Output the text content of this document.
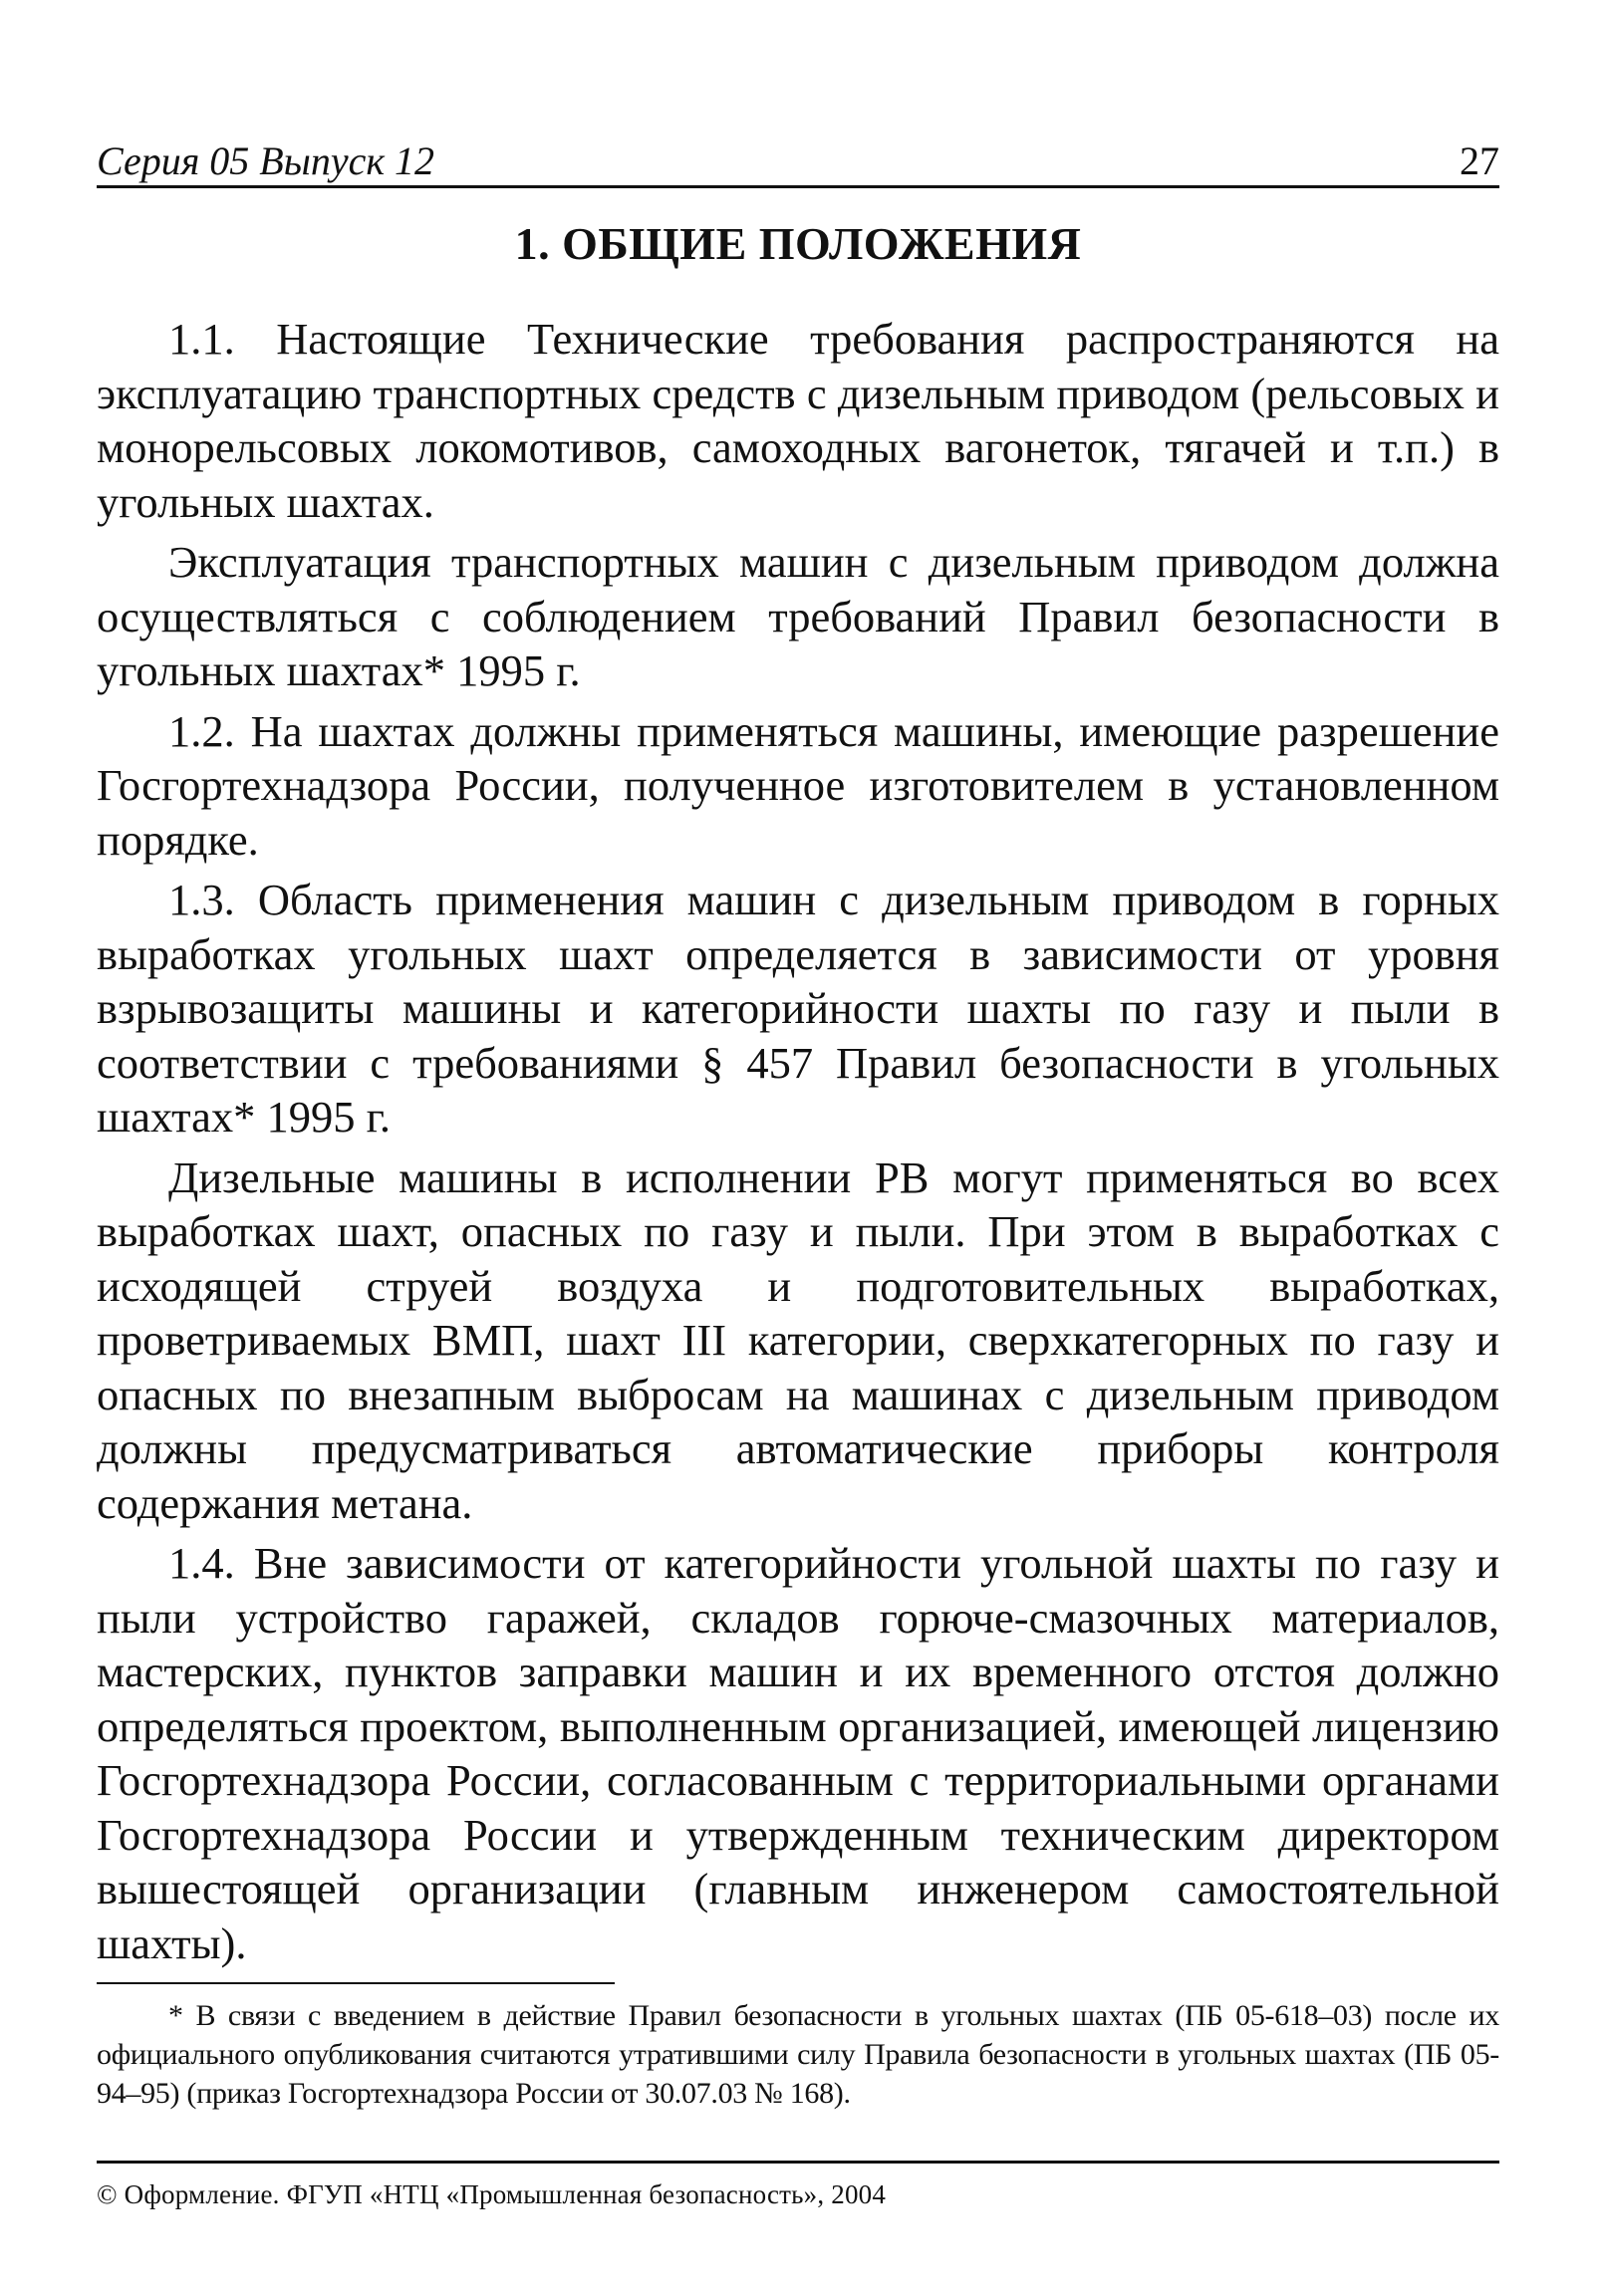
Серия 05 Выпуск 12	27
1. ОБЩИЕ ПОЛОЖЕНИЯ

1.1. Настоящие Технические требования распространяются на эксплуатацию транспортных средств с дизельным приводом (рельсовых и монорельсовых локомотивов, самоходных вагонеток, тягачей и т.п.) в угольных шахтах.

Эксплуатация транспортных машин с дизельным приводом должна осуществляться с соблюдением требований Правил безопасности в угольных шахтах* 1995 г.

1.2. На шахтах должны применяться машины, имеющие разрешение Госгортехнадзора России, полученное изготовителем в установленном порядке.

1.3. Область применения машин с дизельным приводом в горных выработках угольных шахт определяется в зависимости от уровня взрывозащиты машины и категорийности шахты по газу и пыли в соответствии с требованиями § 457 Правил безопасности в угольных шахтах* 1995 г.

Дизельные машины в исполнении РВ могут применяться во всех выработках шахт, опасных по газу и пыли. При этом в выработках с исходящей струей воздуха и подготовительных выработках, проветриваемых ВМП, шахт III категории, сверхкатегорных по газу и опасных по внезапным выбросам на машинах с дизельным приводом должны предусматриваться автоматические приборы контроля содержания метана.

1.4. Вне зависимости от категорийности угольной шахты по газу и пыли устройство гаражей, складов горюче-смазочных материалов, мастерских, пунктов заправки машин и их временного отстоя должно определяться проектом, выполненным организацией, имеющей лицензию Госгортехнадзора России, согласованным с территориальными органами Госгортехнадзора России и утвержденным техническим директором вышестоящей организации (главным инженером самостоятельной шахты).

* В связи с введением в действие Правил безопасности в угольных шахтах (ПБ 05-618–03) после их официального опубликования считаются утратившими силу Правила безопасности в угольных шахтах (ПБ 05-94–95) (приказ Госгортехнадзора России от 30.07.03 № 168).

© Оформление. ФГУП «НТЦ «Промышленная безопасность», 2004
